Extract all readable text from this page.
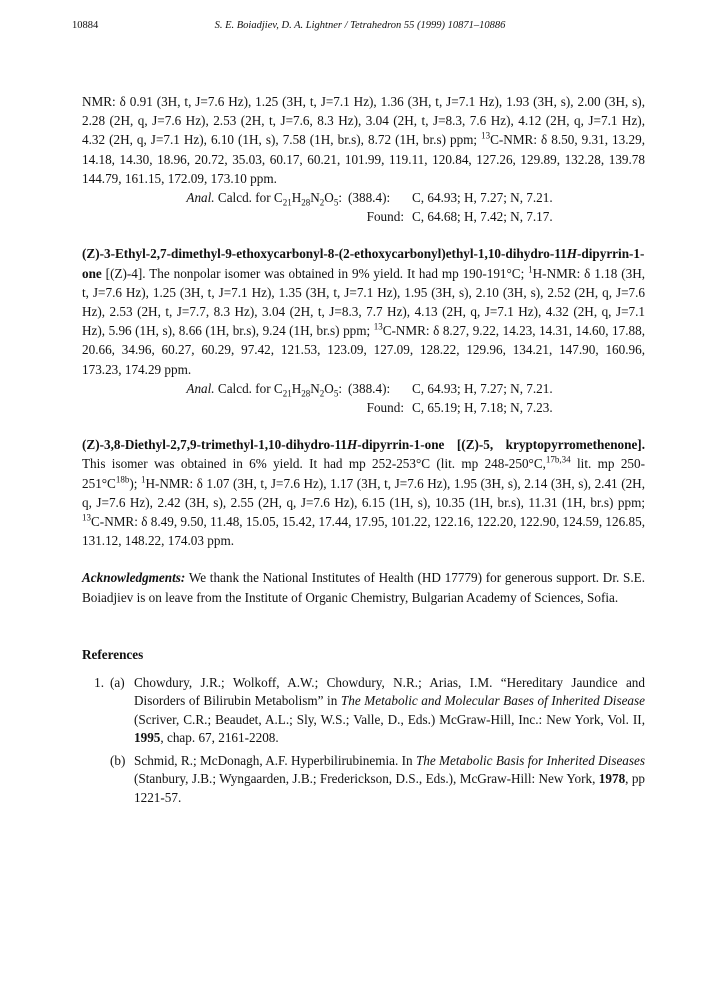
10884	S. E. Boiadjiev, D. A. Lightner / Tetrahedron 55 (1999) 10871–10886

NMR: δ 0.91 (3H, t, J=7.6 Hz), 1.25 (3H, t, J=7.1 Hz), 1.36 (3H, t, J=7.1 Hz), 1.93 (3H, s), 2.00 (3H, s), 2.28 (2H, q, J=7.6 Hz), 2.53 (2H, t, J=7.6, 8.3 Hz), 3.04 (2H, t, J=8.3, 7.6 Hz), 4.12 (2H, q, J=7.1 Hz), 4.32 (2H, q, J=7.1 Hz), 6.10 (1H, s), 7.58 (1H, br.s), 8.72 (1H, br.s) ppm; $^{13}$C-NMR: δ 8.50, 9.31, 13.29, 14.18, 14.30, 18.96, 20.72, 35.03, 60.17, 60.21, 101.99, 119.11, 120.84, 127.26, 129.89, 132.28, 139.78 144.79, 161.15, 172.09, 173.10 ppm.

Anal. Calcd. for $C_{21}H_{28}N_2O_5$: (388.4):	C, 64.93; H, 7.27; N, 7.21.
Found: C, 64.68; H, 7.42; N, 7.17.

(Z)-3-Ethyl-2,7-dimethyl-9-ethoxycarbonyl-8-(2-ethoxycarbonyl)ethyl-1,10-dihydro-11H-dipyrrin-1-one [(Z)-4]. The nonpolar isomer was obtained in 9% yield. It had mp 190-191°C; $^1$H-NMR: δ 1.18 (3H, t, J=7.6 Hz), 1.25 (3H, t, J=7.1 Hz), 1.35 (3H, t, J=7.1 Hz), 1.95 (3H, s), 2.10 (3H, s), 2.52 (2H, q, J=7.6 Hz), 2.53 (2H, t, J=7.7, 8.3 Hz), 3.04 (2H, t, J=8.3, 7.7 Hz), 4.13 (2H, q, J=7.1 Hz), 4.32 (2H, q, J=7.1 Hz), 5.96 (1H, s), 8.66 (1H, br.s), 9.24 (1H, br.s) ppm; $^{13}$C-NMR: δ 8.27, 9.22, 14.23, 14.31, 14.60, 17.88, 20.66, 34.96, 60.27, 60.29, 97.42, 121.53, 123.09, 127.09, 128.22, 129.96, 134.21, 147.90, 160.96, 173.23, 174.29 ppm.

Anal. Calcd. for $C_{21}H_{28}N_2O_5$: (388.4):	C, 64.93; H, 7.27; N, 7.21.
Found: C, 65.19; H, 7.18; N, 7.23.

(Z)-3,8-Diethyl-2,7,9-trimethyl-1,10-dihydro-11H-dipyrrin-1-one [(Z)-5, kryptopyrromethenone]. This isomer was obtained in 6% yield. It had mp 252-253°C (lit. mp 248-250°C,$^{17b,34}$ lit. mp $250-251^\circ C^{18b}$); $^1$H-NMR: δ 1.07 (3H, t, J=7.6 Hz), 1.17 (3H, t, J=7.6 Hz), 1.95 (3H, s), 2.14 (3H, s), 2.41 (2H, q, J=7.6 Hz), 2.42 (3H, s), 2.55 (2H, q, J=7.6 Hz), 6.15 (1H, s), 10.35 (1H, br.s), 11.31 (1H, br.s) ppm; $^{13}$C-NMR: δ 8.49, 9.50, 11.48, 15.05, 15.42, 17.44, 17.95, 101.22, 122.16, 122.20, 122.90, 124.59, 126.85, 131.12, 148.22, 174.03 ppm.

Acknowledgments: We thank the National Institutes of Health (HD 17779) for generous support. Dr. S.E. Boiadjiev is on leave from the Institute of Organic Chemistry, Bulgarian Academy of Sciences, Sofia.

References
1. (a) Chowdury, J.R.; Wolkoff, A.W.; Chowdury, N.R.; Arias, I.M. “Hereditary Jaundice and Disorders of Bilirubin Metabolism” in The Metabolic and Molecular Bases of Inherited Disease (Scriver, C.R.; Beaudet, A.L.; Sly, W.S.; Valle, D., Eds.) McGraw-Hill, Inc.: New York, Vol. II, 1995, chap. 67, 2161-2208.
(b) Schmid, R.; McDonagh, A.F. Hyperbilirubinemia. In The Metabolic Basis for Inherited Diseases (Stanbury, J.B.; Wyngaarden, J.B.; Frederickson, D.S., Eds.), McGraw-Hill: New York, 1978, pp 1221-57.
